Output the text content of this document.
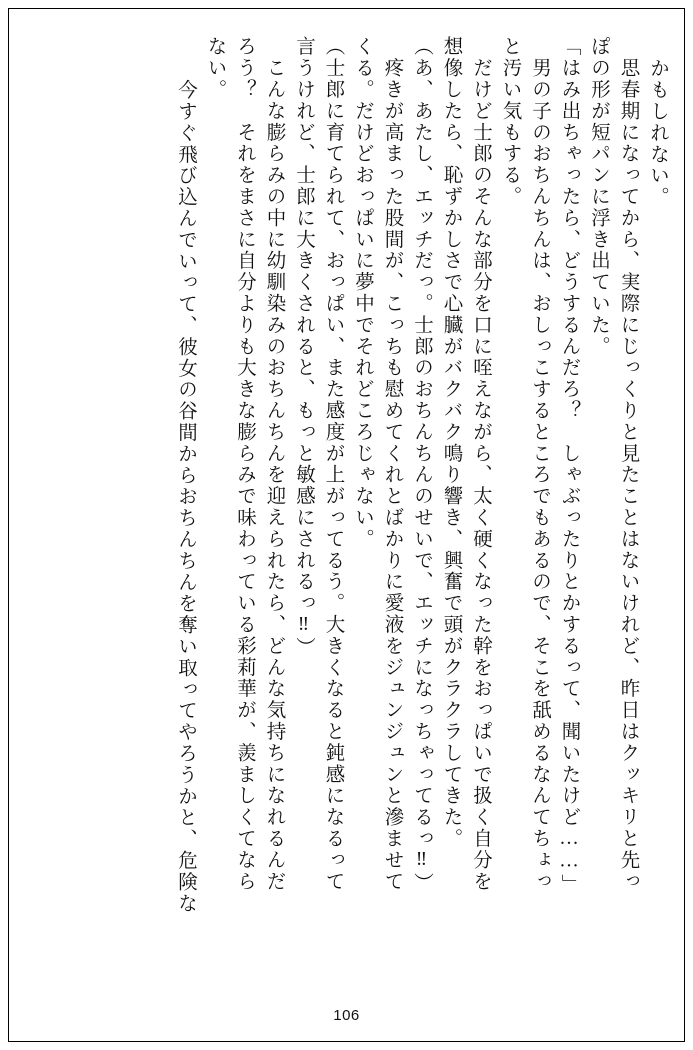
かもしれない。
　思春期になってから、実際にじっくりと見たことはないけれど、昨日はクッキリと先っ
ぽの形が短パンに浮き出ていた。
「はみ出ちゃったら、どうするんだろ？　しゃぶったりとかするって、聞いたけど……」
　男の子のおちんちんは、おしっこするところでもあるので、そこを舐めるなんてちょっ
と汚い気もする。
　だけど士郎のそんな部分を口に咥えながら、太く硬くなった幹をおっぱいで扱く自分を
想像したら、恥ずかしさで心臓がバクバク鳴り響き、興奮で頭がクラクラしてきた。
（あ、あたし、エッチだっ。士郎のおちんちんのせいで、エッチになっちゃってるっ‼）
　疼きが高まった股間が、こっちも慰めてくれとばかりに愛液をジュンジュンと滲ませて
くる。だけどおっぱいに夢中でそれどころじゃない。
（士郎に育てられて、おっぱい、また感度が上がってるう。大きくなると鈍感になるって
言うけれど、士郎に大きくされると、もっと敏感にされるっ‼）
　こんな膨らみの中に幼馴染みのおちんちんを迎えられたら、どんな気持ちになれるんだ
ろう？　それをまさに自分よりも大きな膨らみで味わっている彩莉華が、羨ましくてなら
ない。
　今すぐ飛び込んでいって、彼女の谷間からおちんちんを奪い取ってやろうかと、危険な
106
